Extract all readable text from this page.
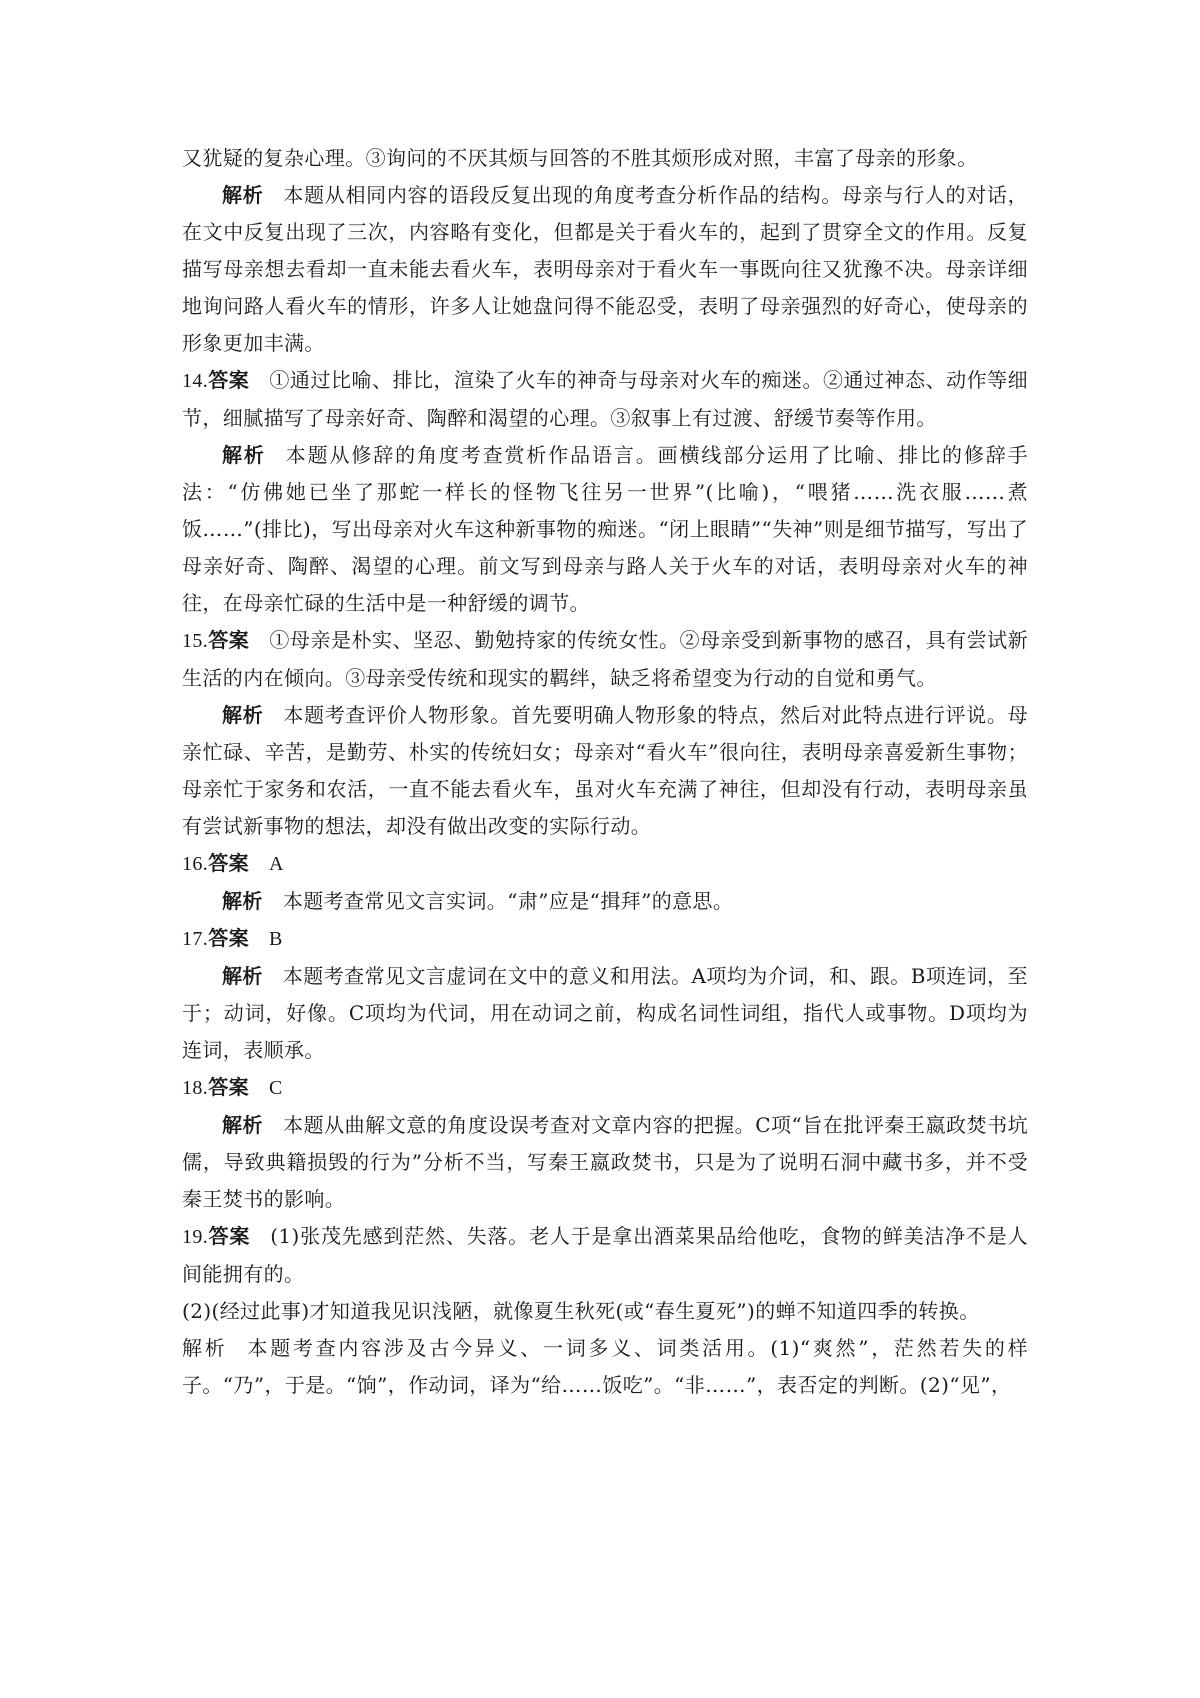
又犹疑的复杂心理。③询问的不厌其烦与回答的不胜其烦形成对照，丰富了母亲的形象。

解析 本题从相同内容的语段反复出现的角度考查分析作品的结构。母亲与行人的对话，在文中反复出现了三次，内容略有变化，但都是关于看火车的，起到了贯穿全文的作用。反复描写母亲想去看却一直未能去看火车，表明母亲对于看火车一事既向往又犹豫不决。母亲详细地询问路人看火车的情形，许多人让她盘问得不能忍受，表明了母亲强烈的好奇心，使母亲的形象更加丰满。

14.答案 ①通过比喻、排比，渲染了火车的神奇与母亲对火车的痴迷。②通过神态、动作等细节，细腻描写了母亲好奇、陶醉和渴望的心理。③叙事上有过渡、舒缓节奏等作用。

解析 本题从修辞的角度考查赏析作品语言。画横线部分运用了比喻、排比的修辞手法：“仿佛她已坐了那蛇一样长的怪物飞往另一世界”(比喻)，“喂猪……洗衣服……煮饭……”(排比)，写出母亲对火车这种新事物的痴迷。“闭上眼睛”“失神”则是细节描写，写出了母亲好奇、陶醉、渴望的心理。前文写到母亲与路人关于火车的对话，表明母亲对火车的神往，在母亲忙碌的生活中是一种舒缓的调节。

15.答案 ①母亲是朴实、坚忍、勤勉持家的传统女性。②母亲受到新事物的感召，具有尝试新生活的内在倾向。③母亲受传统和现实的羁绊，缺乏将希望变为行动的自觉和勇气。

解析 本题考查评价人物形象。首先要明确人物形象的特点，然后对此特点进行评说。母亲忙碌、辛苦，是勤劳、朴实的传统妇女；母亲对“看火车”很向往，表明母亲喜爱新生事物；母亲忙于家务和农活，一直不能去看火车，虽对火车充满了神往，但却没有行动，表明母亲虽有尝试新事物的想法，却没有做出改变的实际行动。

16.答案 A

解析 本题考查常见文言实词。“肃”应是“揖拜”的意思。

17.答案 B

解析 本题考查常见文言虚词在文中的意义和用法。A项均为介词，和、跟。B项连词，至于；动词，好像。C项均为代词，用在动词之前，构成名词性词组，指代人或事物。D项均为连词，表顺承。

18.答案 C

解析 本题从曲解文意的角度设误考查对文章内容的把握。C项“旨在批评秦王嬴政焚书坑儒，导致典籍损毁的行为”分析不当，写秦王嬴政焚书，只是为了说明石洞中藏书多，并不受秦王焚书的影响。

19.答案 (1)张茂先感到茫然、失落。老人于是拿出酒菜果品给他吃，食物的鲜美洁净不是人间能拥有的。

(2)(经过此事)才知道我见识浅陋，就像夏生秋死(或“春生夏死”)的蝉不知道四季的转换。

解析 本题考查内容涉及古今异义、一词多义、词类活用。(1)“爽然”，茫然若失的样子。“乃”，于是。“饷”，作动词，译为“给……饭吃”。“非……”，表否定的判断。(2)“见”，
